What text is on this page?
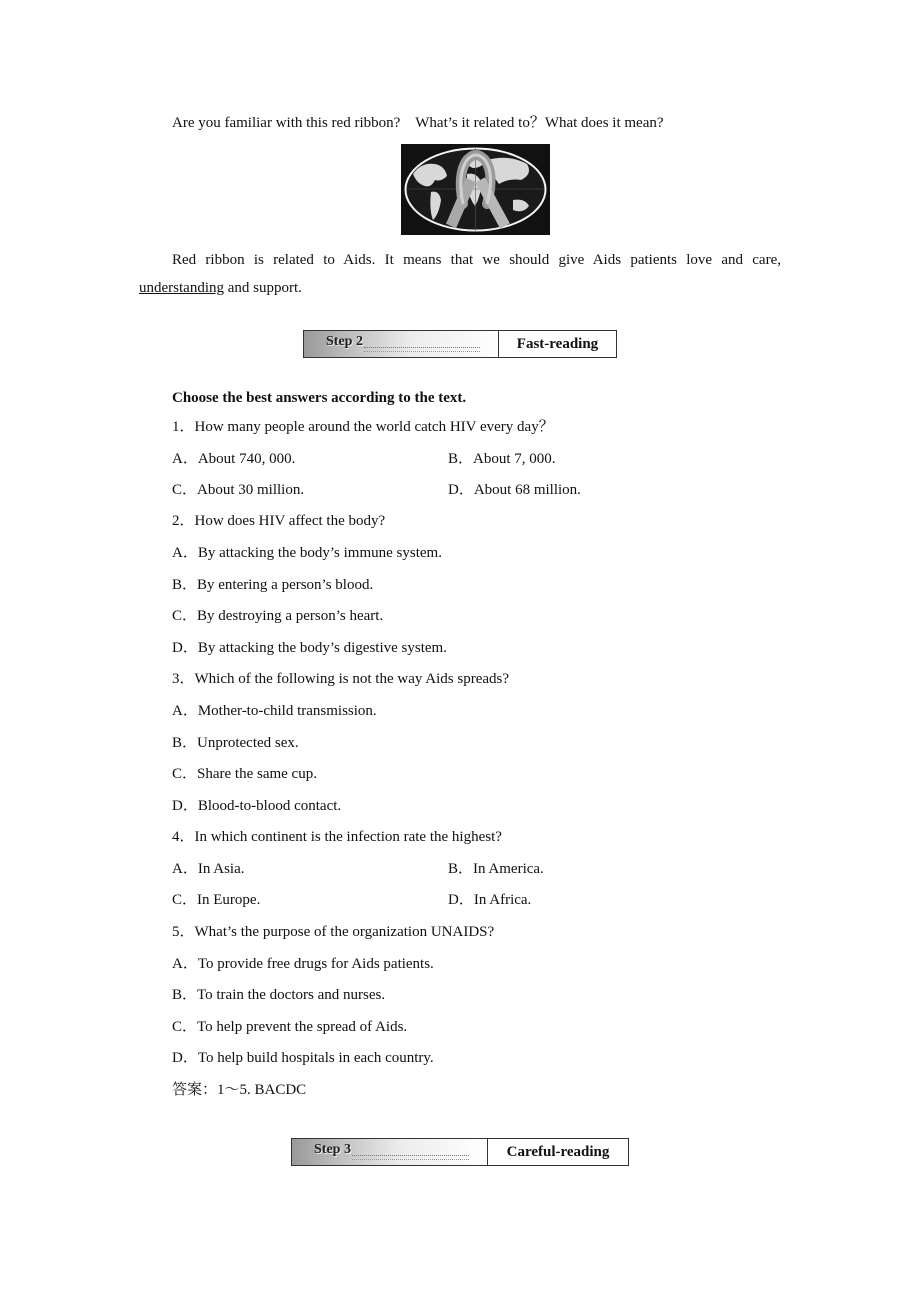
Are you familiar with this red ribbon?　What’s it related to？What does it mean?
Red ribbon is related to Aids. It means that we should give Aids patients love and care, understanding and support.
Step 2	Fast-reading
Choose the best answers according to the text.
1．How many people around the world catch HIV every day？
A．About 740, 000.	B．About 7, 000.
C．About 30 million.	D．About 68 million.
2．How does HIV affect the body?
A．By attacking the body’s immune system.
B．By entering a person’s blood.
C．By destroying a person’s heart.
D．By attacking the body’s digestive system.
3．Which of the following is not the way Aids spreads?
A．Mother-to-child transmission.
B．Unprotected sex.
C．Share the same cup.
D．Blood-to-blood contact.
4．In which continent is the infection rate the highest?
A．In Asia.	B．In America.
C．In Europe.	D．In Africa.
5．What’s the purpose of the organization UNAIDS?
A．To provide free drugs for Aids patients.
B．To train the doctors and nurses.
C．To help prevent the spread of Aids.
D．To help build hospitals in each country.
答案：1～5. BACDC
Step 3	Careful-reading
